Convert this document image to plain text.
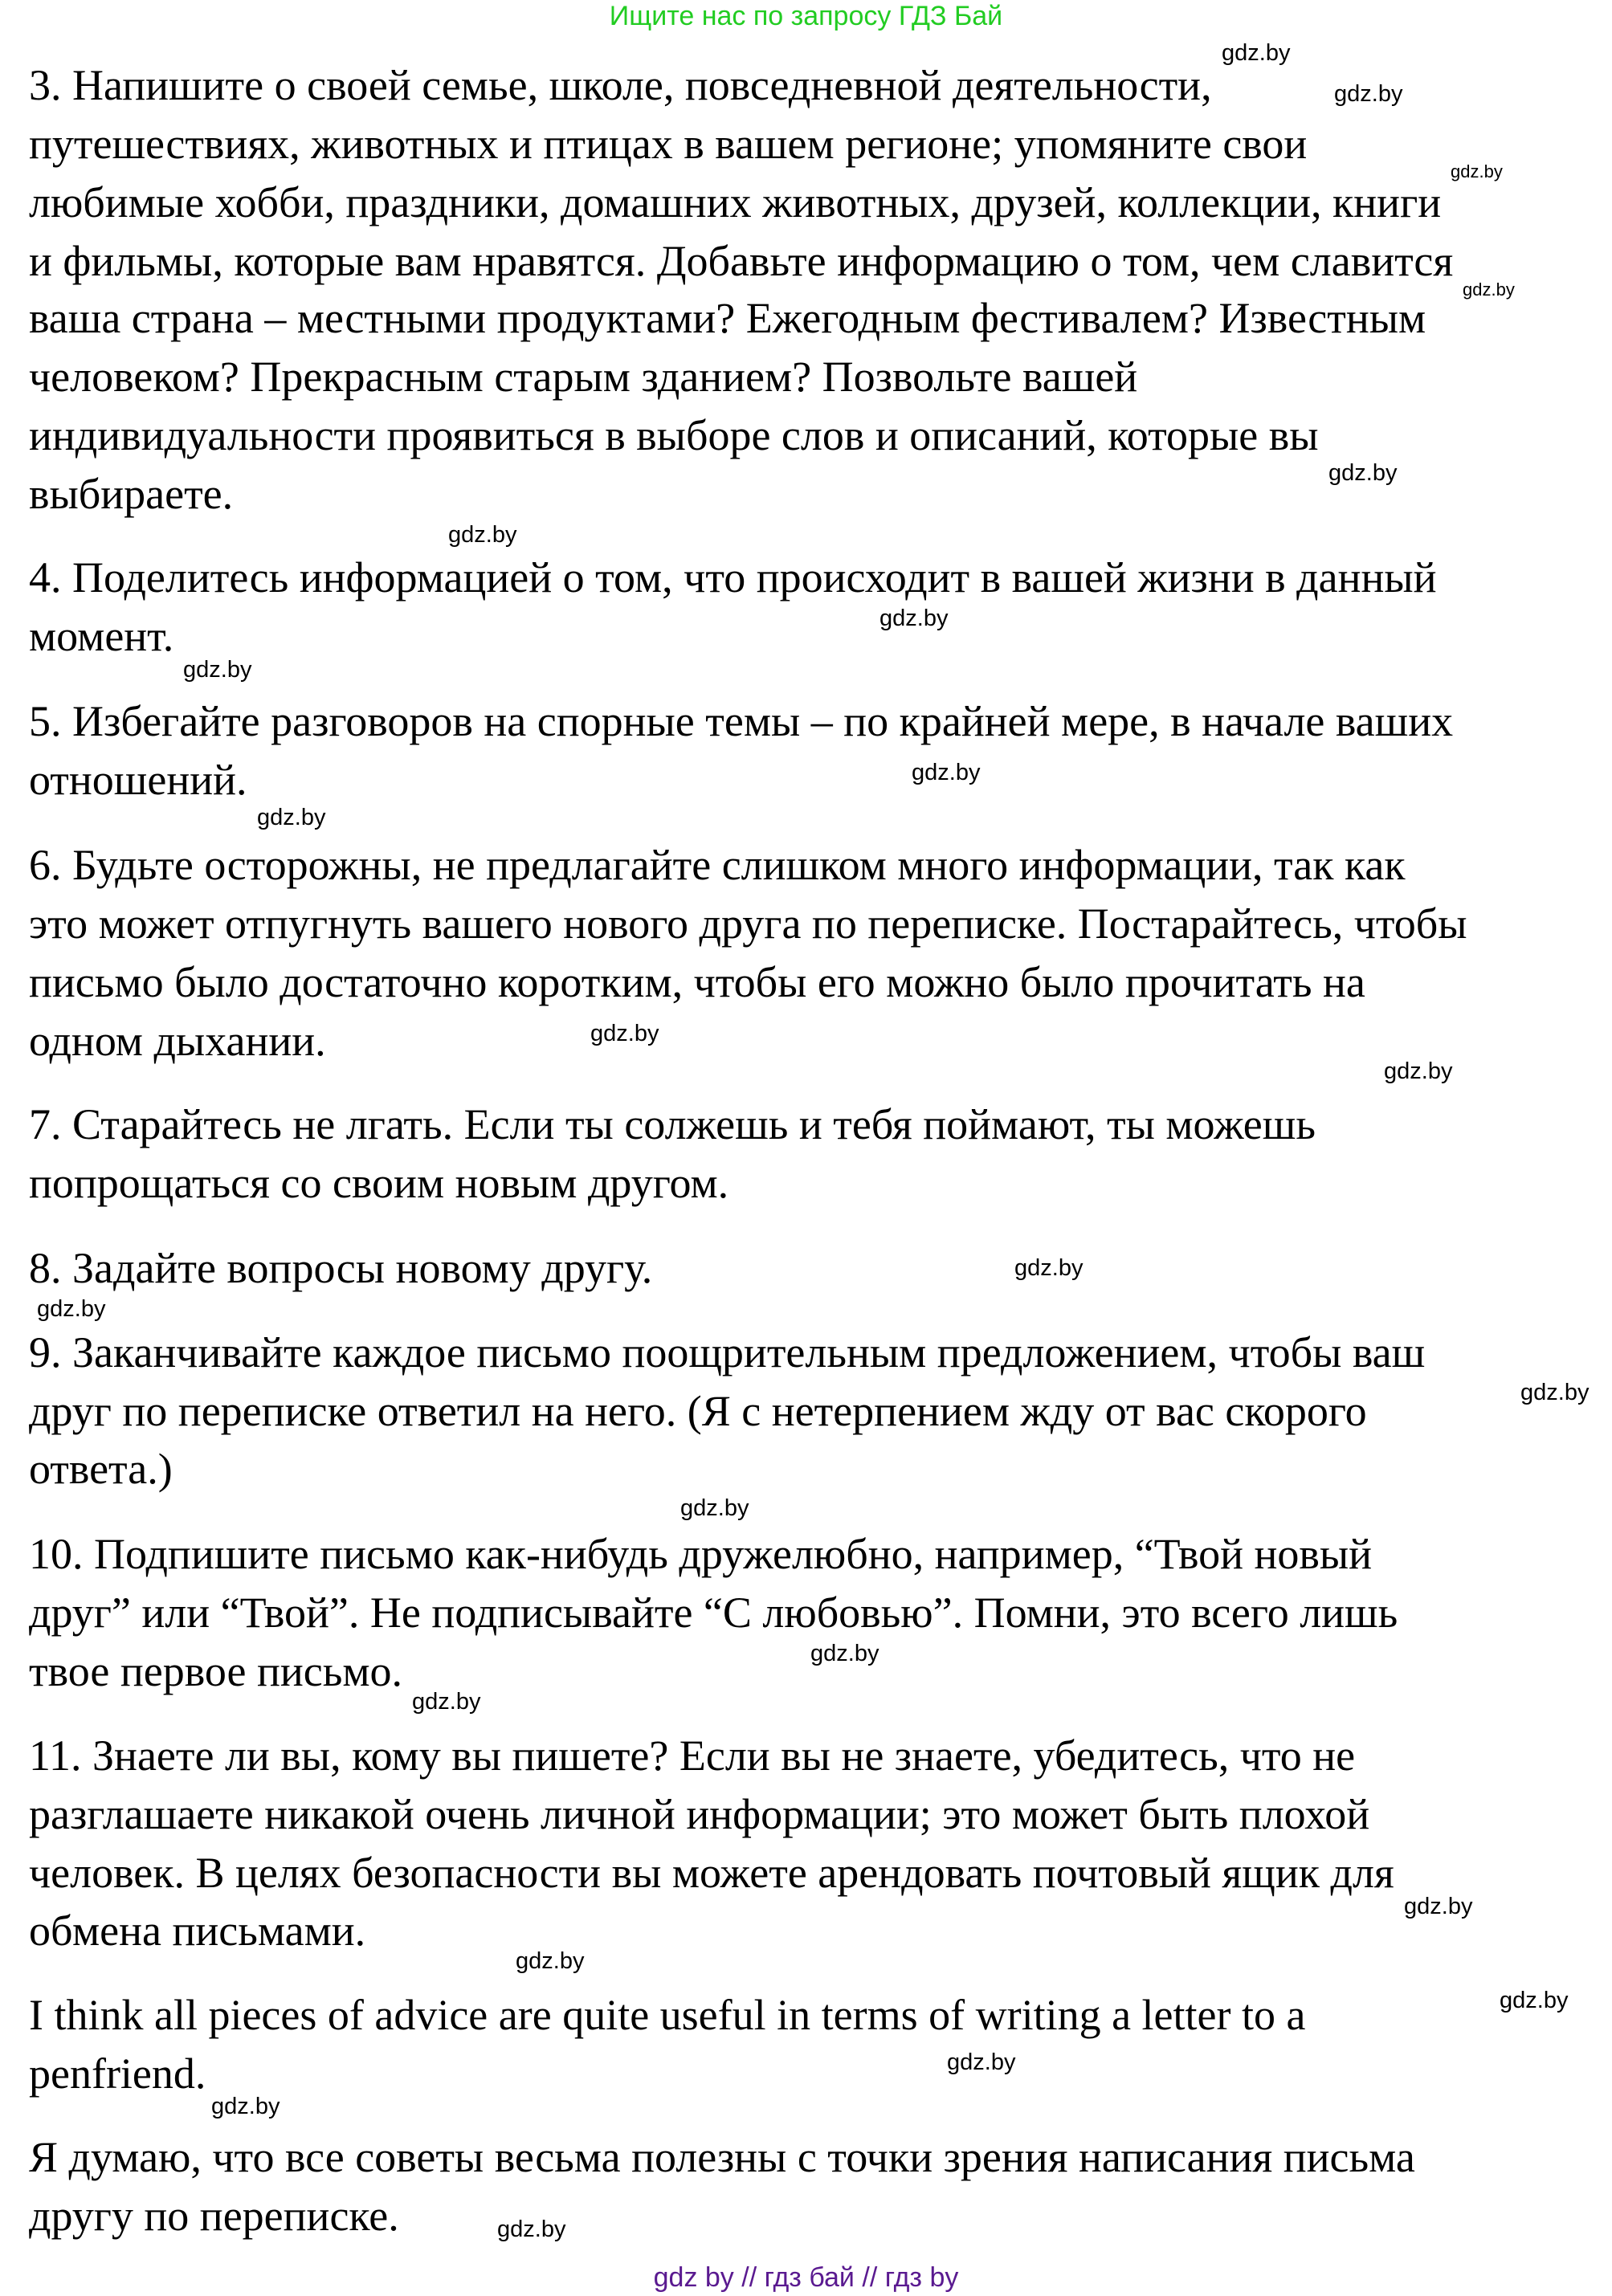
Ищите нас по запросу ГДЗ Бай
3. Напишите о своей семье, школе, повседневной деятельности,
путешествиях, животных и птицах в вашем регионе; упомяните свои
любимые хобби, праздники, домашних животных, друзей, коллекции, книги
и фильмы, которые вам нравятся. Добавьте информацию о том, чем славится
ваша страна – местными продуктами? Ежегодным фестивалем? Известным
человеком? Прекрасным старым зданием? Позвольте вашей
индивидуальности проявиться в выборе слов и описаний, которые вы
выбираете.
4. Поделитесь информацией о том, что происходит в вашей жизни в данный
момент.
5. Избегайте разговоров на спорные темы – по крайней мере, в начале ваших
отношений.
6. Будьте осторожны, не предлагайте слишком много информации, так как
это может отпугнуть вашего нового друга по переписке. Постарайтесь, чтобы
письмо было достаточно коротким, чтобы его можно было прочитать на
одном дыхании.
7. Старайтесь не лгать. Если ты солжешь и тебя поймают, ты можешь
попрощаться со своим новым другом.
8. Задайте вопросы новому другу.
9. Заканчивайте каждое письмо поощрительным предложением, чтобы ваш
друг по переписке ответил на него. (Я с нетерпением жду от вас скорого
ответа.)
10. Подпишите письмо как-нибудь дружелюбно, например, “Твой новый
друг” или “Твой”. Не подписывайте “С любовью”. Помни, это всего лишь
твое первое письмо.
11. Знаете ли вы, кому вы пишете? Если вы не знаете, убедитесь, что не
разглашаете никакой очень личной информации; это может быть плохой
человек. В целях безопасности вы можете арендовать почтовый ящик для
обмена письмами.
I think all pieces of advice are quite useful in terms of writing a letter to a
penfriend.
Я думаю, что все советы весьма полезны с точки зрения написания письма
другу по переписке.
gdz.by
gdz.by
gdz.by
gdz.by
gdz.by
gdz.by
gdz.by
gdz.by
gdz.by
gdz.by
gdz.by
gdz.by
gdz.by
gdz.by
gdz.by
gdz.by
gdz.by
gdz.by
gdz.by
gdz.by
gdz.by
gdz.by
gdz.by
gdz.by
gdz by // гдз бай // гдз by
